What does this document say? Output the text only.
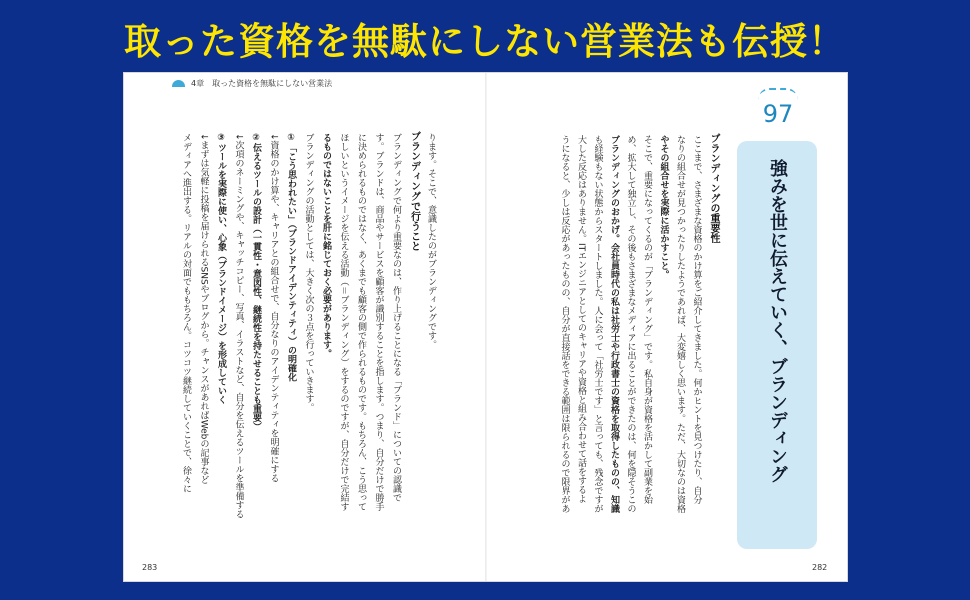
取った資格を無駄にしない営業法も伝授！
4章　取った資格を無駄にしない営業法
ります。そこで、意識したのがブランディングです。
ブランディングで行うこと
ブランディングで何より重要なのは、作り上げることになる「ブランド」についての認識で
す。ブランドは、商品やサービスを顧客が識別することを指します。つまり、自分だけで勝手
に決められるものではなく、あくまでも顧客の側で作られるものです。もちろん、こう思って
ほしいというイメージを伝える活動（＝ブランディング）をするのですが、自分だけで完結す
るものではないことを肝に銘じておく必要があります。
ブランディングの活動としては、大きく次の３点を行っていきます。
①「こう思われたい」（ブランドアイデンティティ）の明確化
↓資格のかけ算や、キャリアとの組合せで、自分なりのアイデンティティを明確にする
②伝えるツールの設計（一貫性・意図性、継続性を持たせることも重要）
↓次項のネーミングや、キャッチコピー、写真、イラストなど、自分を伝えるツールを準備する
③ツールを実際に使い、心象（ブランドイメージ）を形成していく
↓まずは気軽に投稿を届けられるSNSやブログから。チャンスがあればWebの記事など
メディアへ進出する。リアルの対面でももちろん。コツコツ継続していくことで、徐々に
283
97
強みを世に伝えていく、ブランディング
ブランディングの重要性
ここまで、さまざまな資格のかけ算をご紹介してきました。何かヒントを見つけたり、自分
なりの組合せが見つかったりしたようであれば、大変嬉しく思います。ただ、大切なのは資格
やその組合せを実際に活かすこと。
そこで、重要になってくるのが「ブランディング」です。私自身が資格を活かして副業を始
め、拡大して独立し、その後もさまざまなメディアに出ることができたのは、何を隠そうこの
ブランディングのおかげ。会社員時代の私は社労士や行政書士の資格を取得したものの、知識
も経験もない状態からスタートしました。人に会って「社労士です」と言っても、残念ですが
大した反応はありません。ITエンジニアとしてのキャリアや資格と組み合わせて話をするよ
うになると、少しは反応があったものの、自分が直接話をできる範囲は限られるので限界があ
282
